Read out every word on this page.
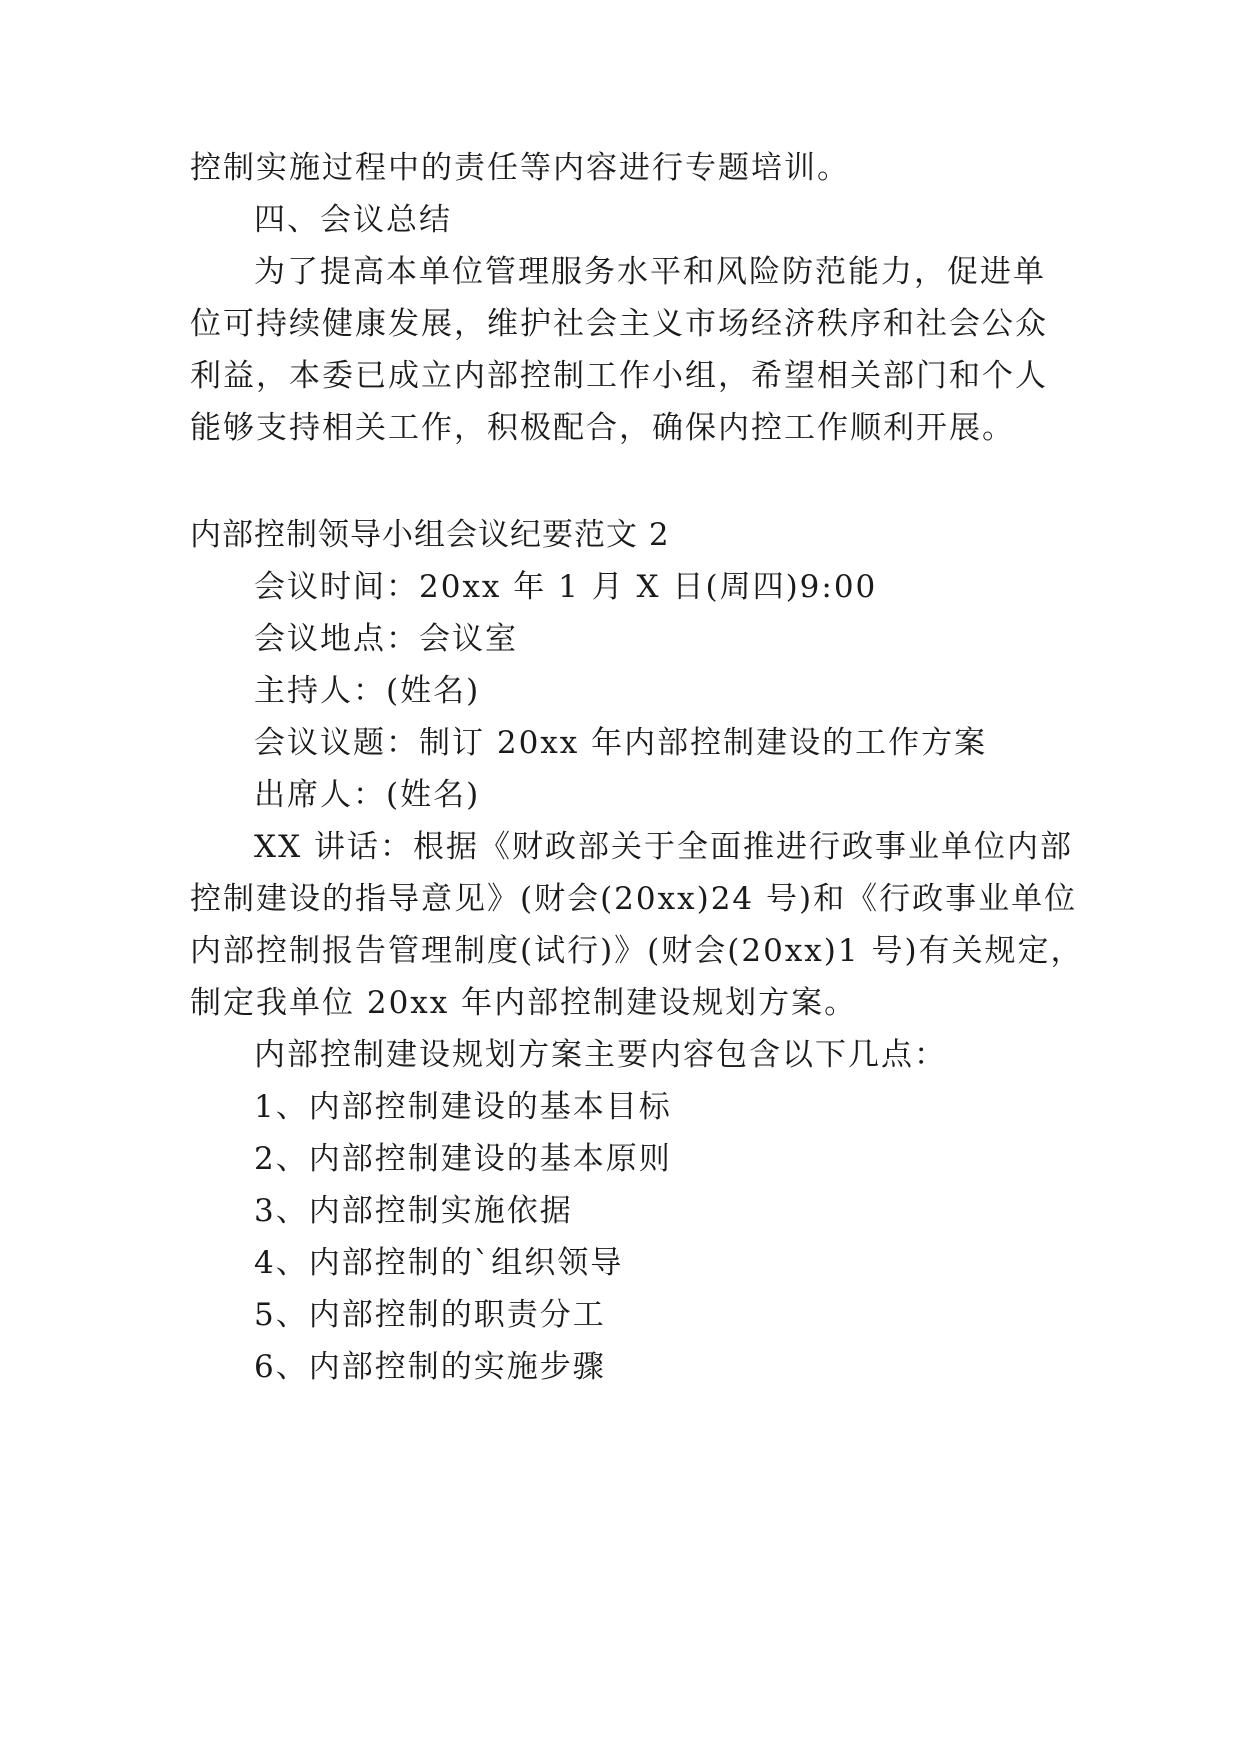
控制实施过程中的责任等内容进行专题培训。
四、会议总结
为了提高本单位管理服务水平和风险防范能力，促进单
位可持续健康发展，维护社会主义市场经济秩序和社会公众
利益，本委已成立内部控制工作小组，希望相关部门和个人
能够支持相关工作，积极配合，确保内控工作顺利开展。
内部控制领导小组会议纪要范文 2
会议时间：20xx 年 1 月 X 日(周四)9:00
会议地点：会议室
主持人：(姓名)
会议议题：制订 20xx 年内部控制建设的工作方案
出席人：(姓名)
XX 讲话：根据《财政部关于全面推进行政事业单位内部
控制建设的指导意见》(财会(20xx)24 号)和《行政事业单位
内部控制报告管理制度(试行)》(财会(20xx)1 号)有关规定，
制定我单位 20xx 年内部控制建设规划方案。
内部控制建设规划方案主要内容包含以下几点：
1、内部控制建设的基本目标
2、内部控制建设的基本原则
3、内部控制实施依据
4、内部控制的`组织领导
5、内部控制的职责分工
6、内部控制的实施步骤
